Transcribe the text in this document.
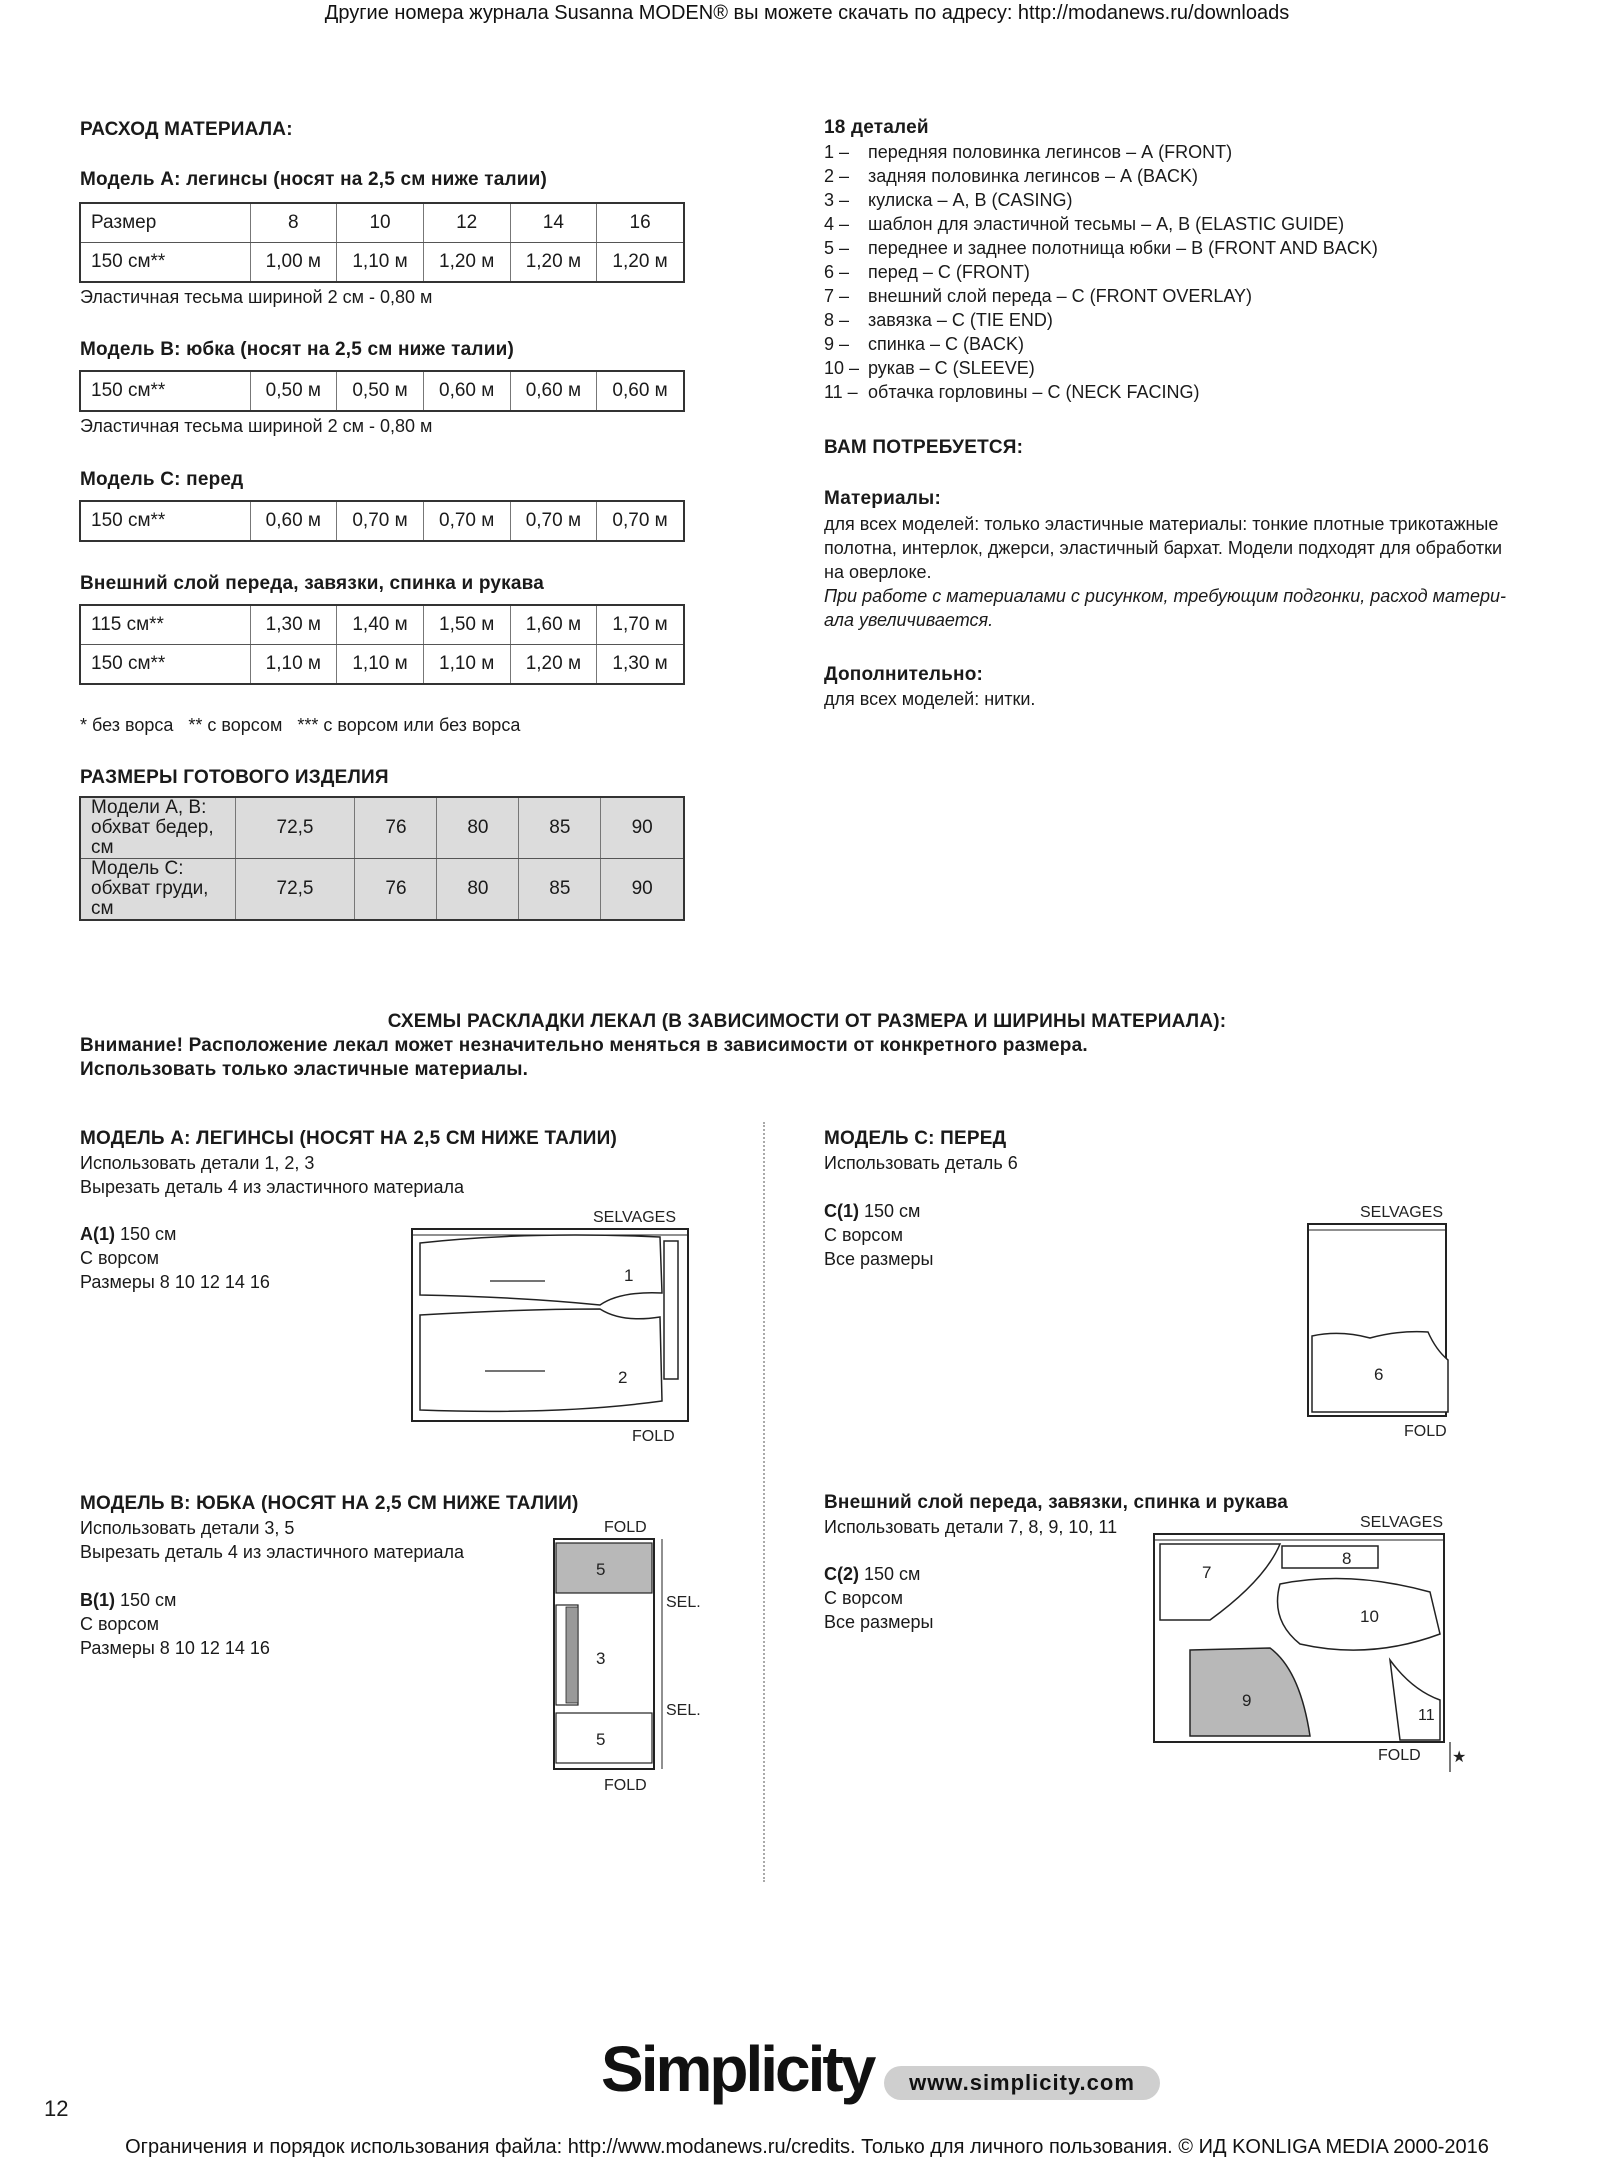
Другие номера журнала Susanna MODEN® вы можете скачать по адресу: http://modanews.ru/downloads
Ограничения и порядок использования файла: http://www.modanews.ru/credits. Только для личного пользования. © ИД KONLIGA MEDIA 2000-2016
РАСХОД МАТЕРИАЛА:
Модель А: легинсы (носят на 2,5 см ниже талии)
Размер	8	10	12	14	16
150 см**	1,00 м	1,10 м	1,20 м	1,20 м	1,20 м
Эластичная тесьма шириной 2 см - 0,80 м
Модель В: юбка (носят на 2,5 см ниже талии)
150 см**	0,50 м	0,50 м	0,60 м	0,60 м	0,60 м
Эластичная тесьма шириной 2 см - 0,80 м
Модель С: перед
150 см**	0,60 м	0,70 м	0,70 м	0,70 м	0,70 м
Внешний слой переда, завязки, спинка и рукава
115 см**	1,30 м	1,40 м	1,50 м	1,60 м	1,70 м
150 см**	1,10 м	1,10 м	1,10 м	1,20 м	1,30 м
* без ворса   ** с ворсом   *** с ворсом или без ворса
РАЗМЕРЫ ГОТОВОГО ИЗДЕЛИЯ
Модели А, В: обхват бедер, см	72,5	76	80	85	90
Модель С: обхват груди, см	72,5	76	80	85	90
18 деталей
1 –	передняя половинка легинсов – А (FRONT)
2 –	задняя половинка легинсов – А (BACK)
3 –	кулиска – А, В (CASING)
4 –	шаблон для эластичной тесьмы – А, В (ELASTIC GUIDE)
5 –	переднее и заднее полотнища юбки – В (FRONT AND BACK)
6 –	перед – С (FRONT)
7 –	внешний слой переда – С (FRONT OVERLAY)
8 –	завязка – С (TIE END)
9 –	спинка – С (BACK)
10 – рукав – С (SLEEVE)
11 – обтачка горловины – С (NECK FACING)
ВАМ ПОТРЕБУЕТСЯ:
Материалы:
для всех моделей: только эластичные материалы: тонкие плотные трикотажные
полотна, интерлок, джерси, эластичный бархат. Модели подходят для обработки
на оверлоке.
При работе с материалами с рисунком, требующим подгонки, расход матери-
ала увеличивается.
Дополнительно:
для всех моделей: нитки.
СХЕМЫ РАСКЛАДКИ ЛЕКАЛ (В ЗАВИСИМОСТИ ОТ РАЗМЕРА И ШИРИНЫ МАТЕРИАЛА):
Внимание! Расположение лекал может незначительно меняться в зависимости от конкретного размера.
Использовать только эластичные материалы.
МОДЕЛЬ А: ЛЕГИНСЫ (НОСЯТ НА 2,5 СМ НИЖЕ ТАЛИИ)
Использовать детали 1, 2, 3
Вырезать деталь 4 из эластичного материала
А(1) 150 см
С ворсом
Размеры 8 10 12 14 16
SELVAGES
1
2
FOLD
МОДЕЛЬ В: ЮБКА (НОСЯТ НА 2,5 СМ НИЖЕ ТАЛИИ)
Использовать детали 3, 5
Вырезать деталь 4 из эластичного материала
В(1) 150 см
С ворсом
Размеры 8 10 12 14 16
FOLD
5
3
5
SEL.
SEL.
FOLD
МОДЕЛЬ С: ПЕРЕД
Использовать деталь 6
С(1) 150 см
С ворсом
Все размеры
SELVAGES
6
FOLD
Внешний слой переда, завязки, спинка и рукава
Использовать детали 7, 8, 9, 10, 11
С(2) 150 см
С ворсом
Все размеры
SELVAGES
7
8
10
9
11
FOLD ★
Simplicity	www.simplicity.com
12
